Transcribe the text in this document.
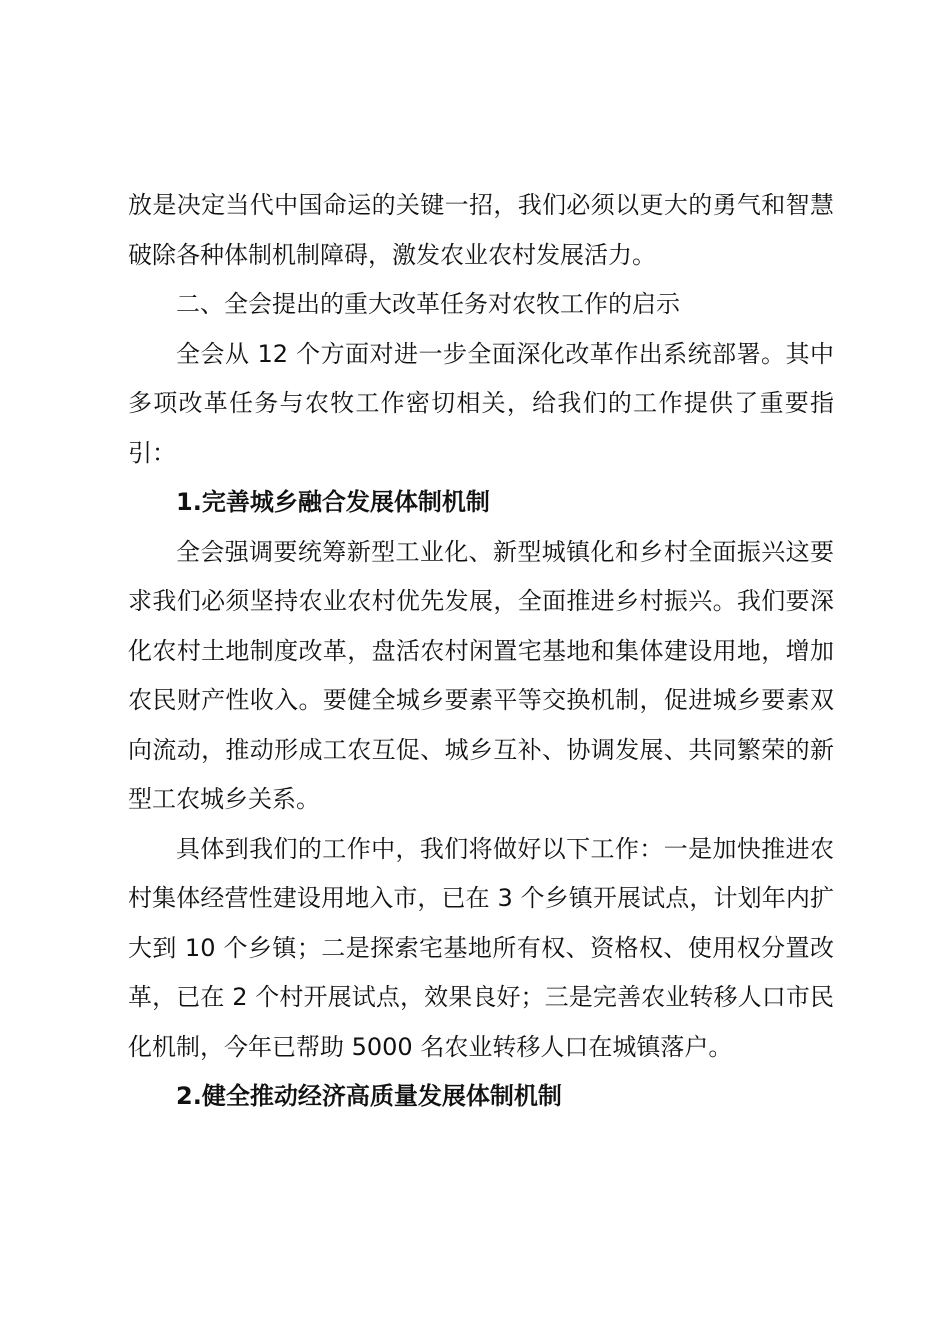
放是决定当代中国命运的关键一招，我们必须以更大的勇气和智慧破除各种体制机制障碍，激发农业农村发展活力。

二、全会提出的重大改革任务对农牧工作的启示

全会从 12 个方面对进一步全面深化改革作出系统部署。其中多项改革任务与农牧工作密切相关，给我们的工作提供了重要指引：

1.完善城乡融合发展体制机制

全会强调要统筹新型工业化、新型城镇化和乡村全面振兴这要求我们必须坚持农业农村优先发展，全面推进乡村振兴。我们要深化农村土地制度改革，盘活农村闲置宅基地和集体建设用地，增加农民财产性收入。要健全城乡要素平等交换机制，促进城乡要素双向流动，推动形成工农互促、城乡互补、协调发展、共同繁荣的新型工农城乡关系。

具体到我们的工作中，我们将做好以下工作：一是加快推进农村集体经营性建设用地入市，已在 3 个乡镇开展试点，计划年内扩大到 10 个乡镇；二是探索宅基地所有权、资格权、使用权分置改革，已在 2 个村开展试点，效果良好；三是完善农业转移人口市民化机制，今年已帮助 5000 名农业转移人口在城镇落户。

2.健全推动经济高质量发展体制机制
